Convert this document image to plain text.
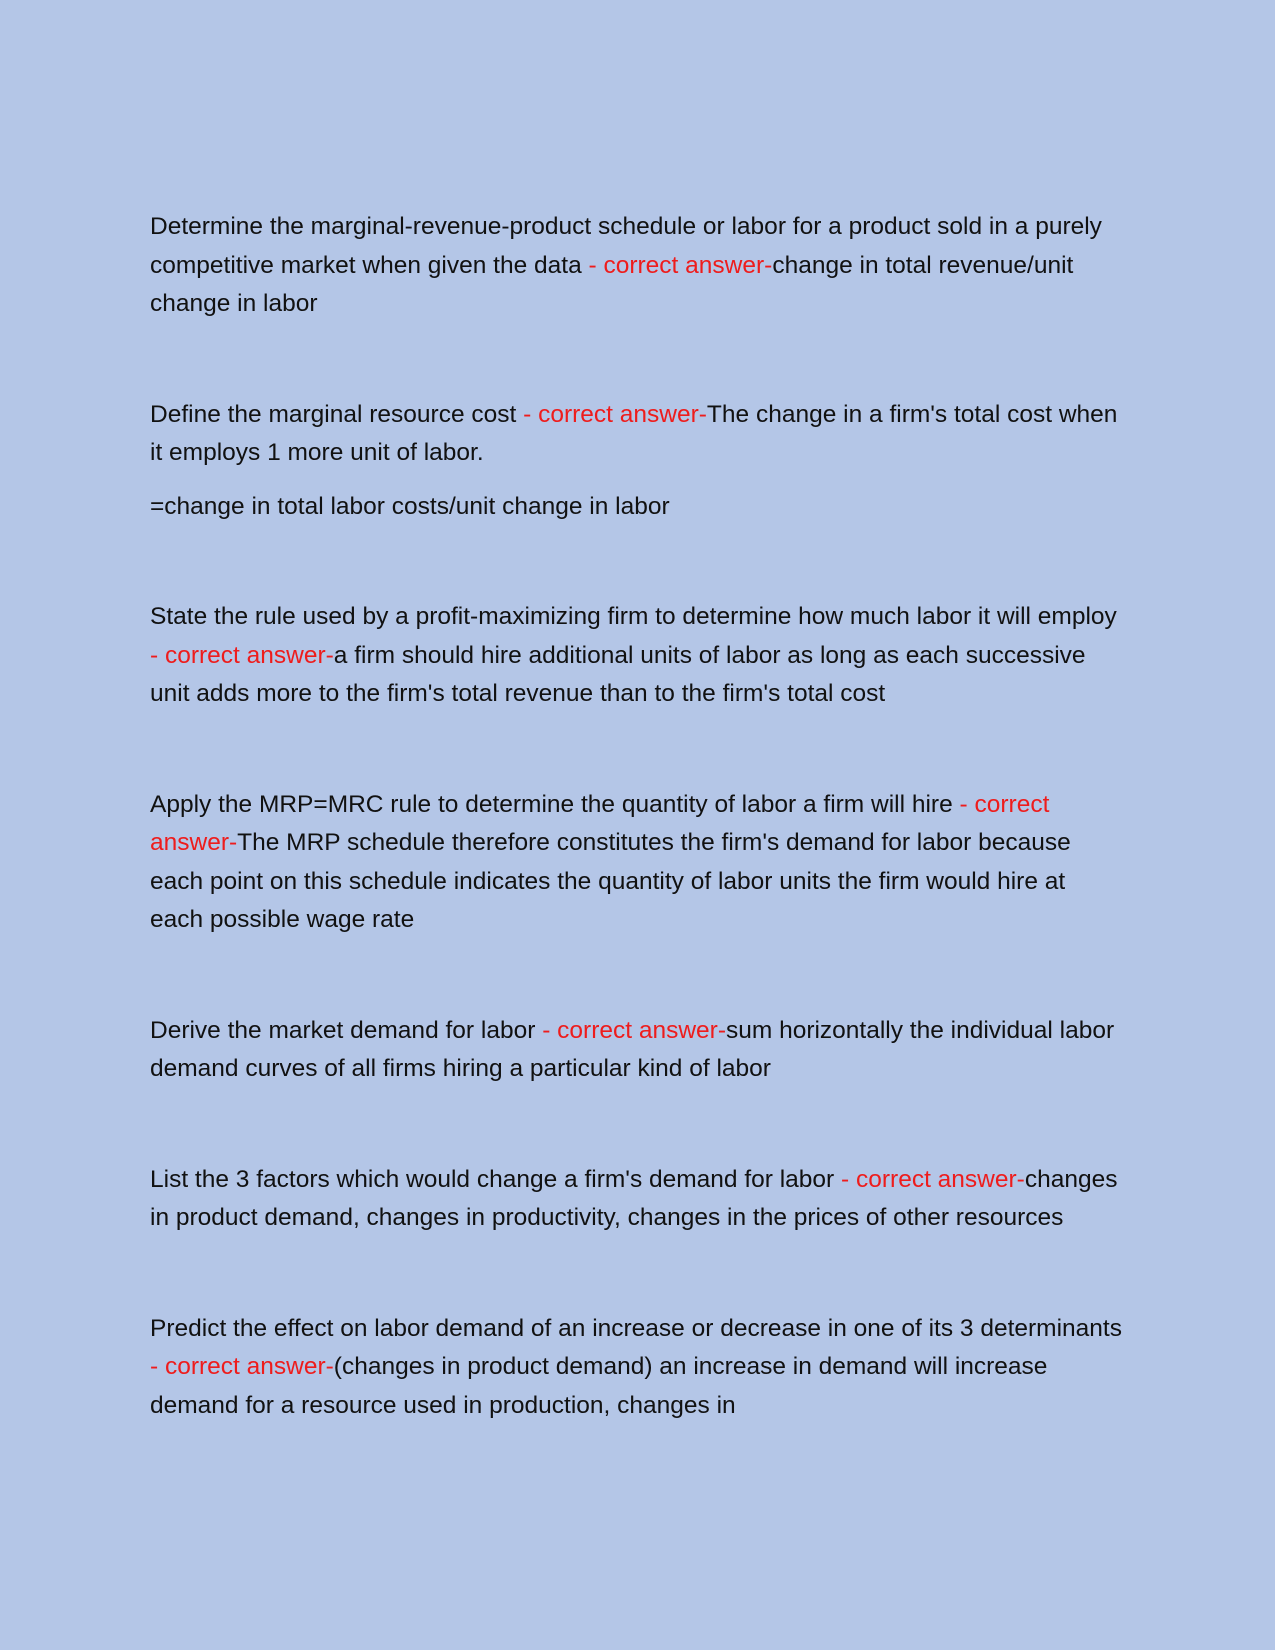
Determine the marginal-revenue-product schedule or labor for a product sold in a purely competitive market when given the data - correct answer-change in total revenue/unit change in labor

Define the marginal resource cost - correct answer-The change in a firm's total cost when it employs 1 more unit of labor.

=change in total labor costs/unit change in labor

State the rule used by a profit-maximizing firm to determine how much labor it will employ - correct answer-a firm should hire additional units of labor as long as each successive unit adds more to the firm's total revenue than to the firm's total cost

Apply the MRP=MRC rule to determine the quantity of labor a firm will hire - correct answer-The MRP schedule therefore constitutes the firm's demand for labor because each point on this schedule indicates the quantity of labor units the firm would hire at each possible wage rate

Derive the market demand for labor - correct answer-sum horizontally the individual labor demand curves of all firms hiring a particular kind of labor

List the 3 factors which would change a firm's demand for labor - correct answer-changes in product demand, changes in productivity, changes in the prices of other resources

Predict the effect on labor demand of an increase or decrease in one of its 3 determinants - correct answer-(changes in product demand) an increase in demand will increase demand for a resource used in production, changes in
